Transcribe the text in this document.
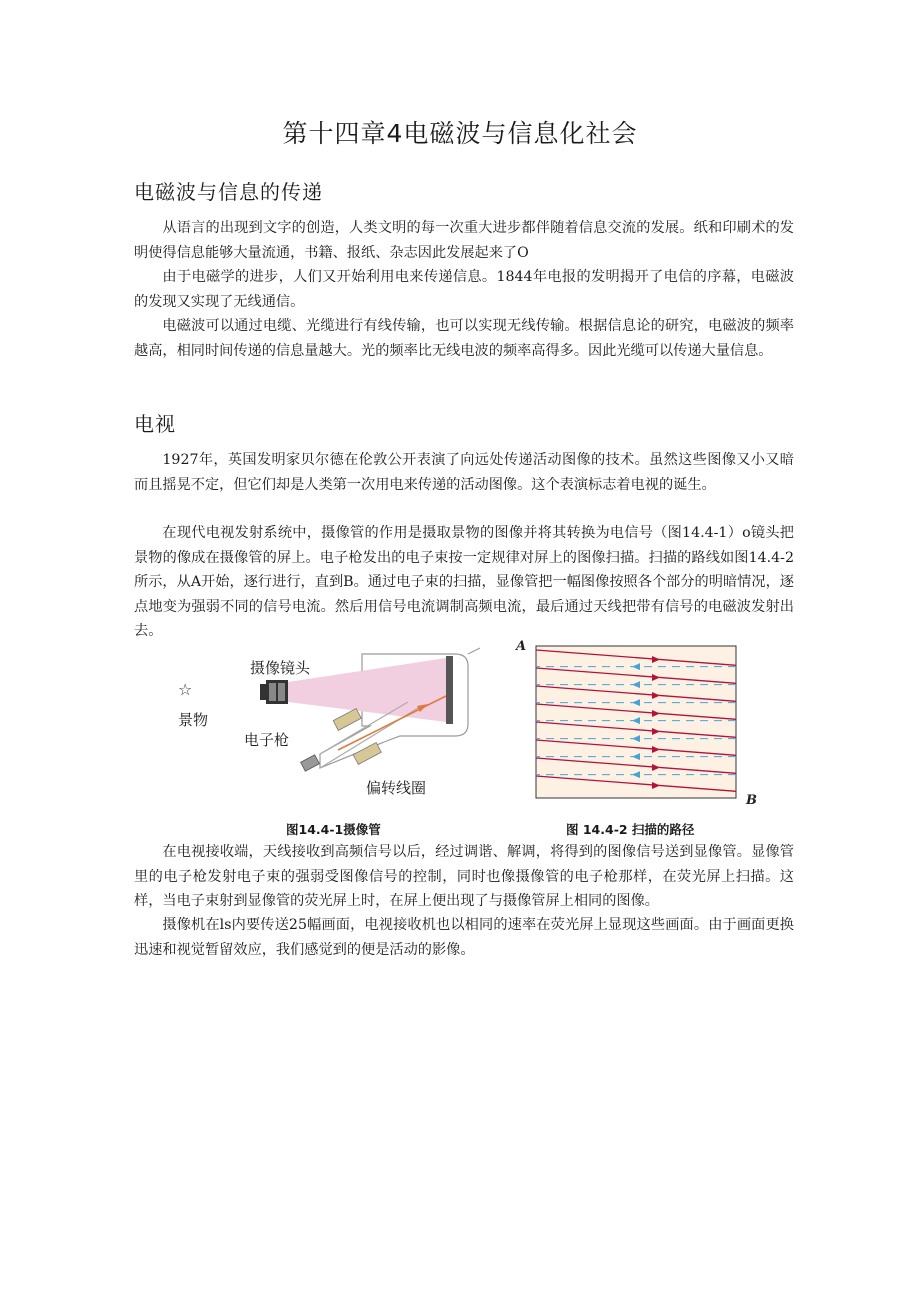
第十四章4电磁波与信息化社会
电磁波与信息的传递

从语言的出现到文字的创造，人类文明的每一次重大进步都伴随着信息交流的发展。纸和印刷术的发明使得信息能够大量流通，书籍、报纸、杂志因此发展起来了O

由于电磁学的进步，人们又开始利用电来传递信息。1844年电报的发明揭开了电信的序幕，电磁波的发现又实现了无线通信。

电磁波可以通过电缆、光缆进行有线传输，也可以实现无线传输。根据信息论的研究，电磁波的频率越高，相同时间传递的信息量越大。光的频率比无线电波的频率高得多。因此光缆可以传递大量信息。

电视

1927年，英国发明家贝尔德在伦敦公开表演了向远处传递活动图像的技术。虽然这些图像又小又暗而且摇晃不定，但它们却是人类第一次用电来传递的活动图像。这个表演标志着电视的诞生。

在现代电视发射系统中，摄像管的作用是摄取景物的图像并将其转换为电信号（图14.4-1）o镜头把景物的像成在摄像管的屏上。电子枪发出的电子束按一定规律对屏上的图像扫描。扫描的路线如图14.4-2所示，从A开始，逐行进行，直到B。通过电子束的扫描，显像管把一幅图像按照各个部分的明暗情况，逐点地变为强弱不同的信号电流。然后用信号电流调制高频电流，最后通过天线把带有信号的电磁波发射出去。

摄像镜头
☆
景物
电子枪
偏转线圈
图14.4-1摄像管
A
B
图 14.4-2 扫描的路径

在电视接收端，天线接收到高频信号以后，经过调谐、解调，将得到的图像信号送到显像管。显像管里的电子枪发射电子束的强弱受图像信号的控制，同时也像摄像管的电子枪那样，在荧光屏上扫描。这样，当电子束射到显像管的荧光屏上时，在屏上便出现了与摄像管屏上相同的图像。

摄像机在ls内要传送25幅画面，电视接收机也以相同的速率在荧光屏上显现这些画面。由于画面更换迅速和视觉暂留效应，我们感觉到的便是活动的影像。
